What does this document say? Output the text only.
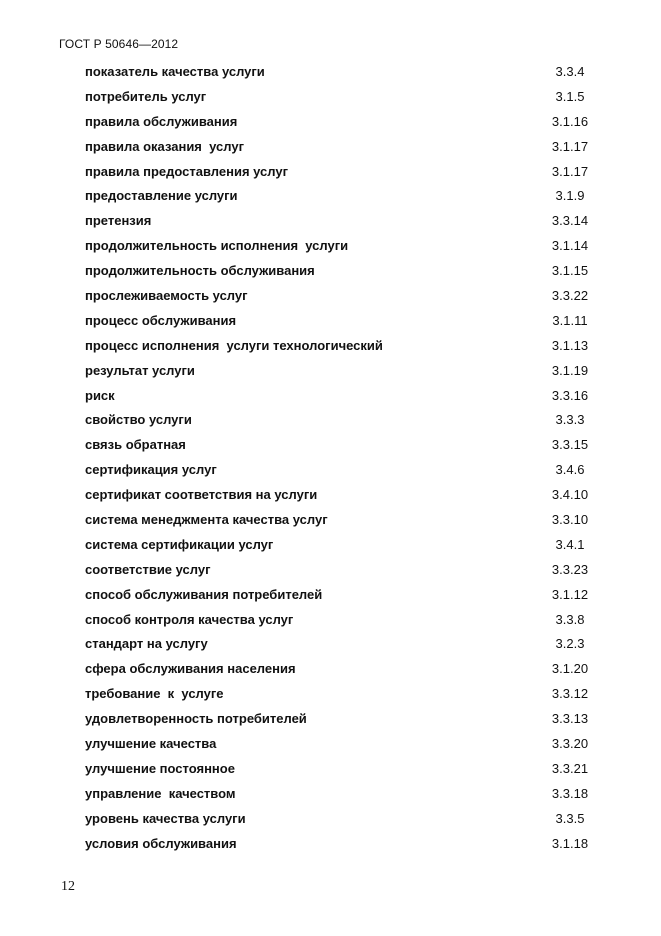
ГОСТ Р 50646—2012
показатель качества услуги	3.3.4
потребитель услуг	3.1.5
правила обслуживания	3.1.16
правила оказания  услуг	3.1.17
правила предоставления услуг	3.1.17
предоставление услуги	3.1.9
претензия	3.3.14
продолжительность исполнения  услуги	3.1.14
продолжительность обслуживания	3.1.15
прослеживаемость услуг	3.3.22
процесс обслуживания	3.1.11
процесс исполнения  услуги технологический	3.1.13
результат услуги	3.1.19
риск	3.3.16
свойство услуги	3.3.3
связь обратная	3.3.15
сертификация услуг	3.4.6
сертификат соответствия на услуги	3.4.10
система менеджмента качества услуг	3.3.10
система сертификации услуг	3.4.1
соответствие услуг	3.3.23
способ обслуживания потребителей	3.1.12
способ контроля качества услуг	3.3.8
стандарт на услугу	3.2.3
сфера обслуживания населения	3.1.20
требование  к  услуге	3.3.12
удовлетворенность потребителей	3.3.13
улучшение качества	3.3.20
улучшение постоянное	3.3.21
управление  качеством	3.3.18
уровень качества услуги	3.3.5
условия обслуживания	3.1.18
12
